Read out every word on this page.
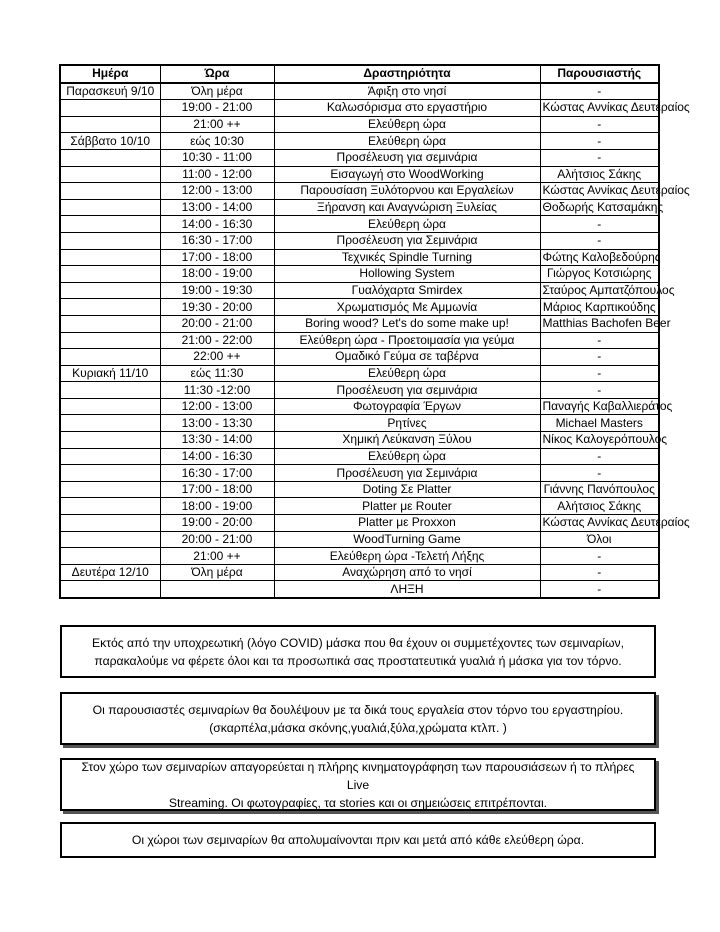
Ημέρα	Ώρα	Δραστηριότητα	Παρουσιαστής
Παρασκευή 9/10	Όλη μέρα	Άφιξη στο νησί	-
	19:00 - 21:00	Καλωσόρισμα στο εργαστήριο	Κώστας Αννίκας Δευτεραίος
	21:00 ++	Ελεύθερη ώρα	-
Σάββατο 10/10	εώς 10:30	Ελεύθερη ώρα	-
	10:30 - 11:00	Προσέλευση για σεμινάρια	-
	11:00 - 12:00	Εισαγωγή στο WoodWorking	Αλήτσιος Σάκης
	12:00 - 13:00	Παρουσίαση Ξυλότορνου και Εργαλείων	Κώστας Αννίκας Δευτεραίος
	13:00 - 14:00	Ξήρανση και Αναγνώριση Ξυλείας	Θοδωρής Κατσαμάκης
	14:00 - 16:30	Ελεύθερη ώρα	-
	16:30 - 17:00	Προσέλευση για Σεμινάρια	-
	17:00 - 18:00	Τεχνικές Spindle Turning	Φώτης Καλοβεδούρης
	18:00 - 19:00	Hollowing System	Γιώργος Κοτσιώρης
	19:00 - 19:30	Γυαλόχαρτα Smirdex	Σταύρος Αμπατζόπουλος
	19:30 - 20:00	Χρωματισμός Με Αμμωνία	Μάριος Καρπικούδης
	20:00 - 21:00	Boring wood? Let's do some make up!	Matthias Bachofen Beer
	21:00 - 22:00	Ελεύθερη ώρα - Προετοιμασία για γεύμα	-
	22:00 ++	Ομαδικό Γεύμα σε ταβέρνα	-
Κυριακή 11/10	εώς 11:30	Ελεύθερη ώρα	-
	11:30 -12:00	Προσέλευση για σεμινάρια	-
	12:00 - 13:00	Φωτογραφία Έργων	Παναγής Καβαλλιεράτος
	13:00 - 13:30	Ρητίνες	Michael Masters
	13:30 - 14:00	Χημική Λεύκανση Ξύλου	Νίκος Καλογερόπουλος
	14:00 - 16:30	Ελεύθερη ώρα	-
	16:30 - 17:00	Προσέλευση για Σεμινάρια	-
	17:00 - 18:00	Doting Σε Platter	Γιάννης Πανόπουλος
	18:00 - 19:00	Platter με Router	Αλήτσιος Σάκης
	19:00 - 20:00	Platter με Proxxon	Κώστας Αννίκας Δευτεραίος
	20:00 - 21:00	WoodTurning Game	Όλοι
	21:00 ++	Ελεύθερη ώρα -Τελετή Λήξης	-
Δευτέρα 12/10	Όλη μέρα	Αναχώρηση από το νησί	-
		ΛΗΞΗ	-
Εκτός από την υποχρεωτική (λόγο COVID) μάσκα που θα έχουν οι συμμετέχοντες των σεμιναρίων,
παρακαλούμε να φέρετε όλοι και τα προσωπικά σας προστατευτικά γυαλιά ή μάσκα για τον τόρνο.
Οι παρουσιαστές σεμιναρίων θα δουλέψουν με τα δικά τους εργαλεία στον τόρνο του εργαστηρίου.
(σκαρπέλα,μάσκα σκόνης,γυαλιά,ξύλα,χρώματα κτλπ. )
Στον χώρο των σεμιναρίων απαγορεύεται η πλήρης κινηματογράφηση των παρουσιάσεων ή το πλήρες Live
Streaming. Οι φωτογραφίες, τα stories και οι σημειώσεις επιτρέπονται.
Οι χώροι των σεμιναρίων θα απολυμαίνονται πριν και μετά από κάθε ελεύθερη ώρα.
